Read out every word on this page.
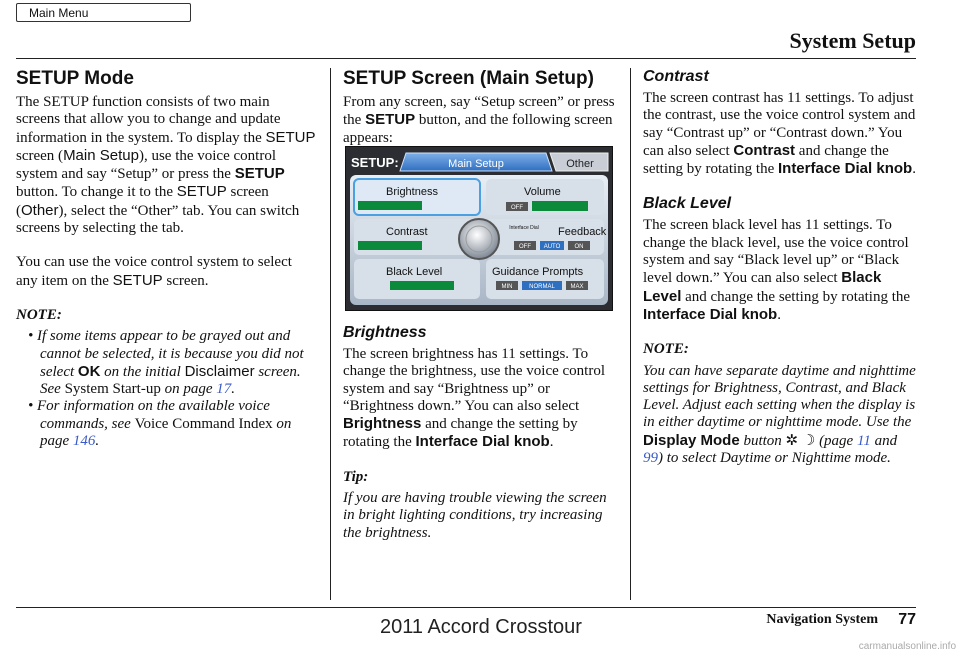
Main Menu
System Setup
SETUP Mode

The SETUP function consists of two main screens that allow you to change and update information in the system. To display the SETUP screen (Main Setup), use the voice control system and say “Setup” or press the SETUP button. To change it to the SETUP screen (Other), select the “Other” tab. You can switch screens by selecting the tab.

You can use the voice control system to select any item on the SETUP screen.

NOTE:
• If some items appear to be grayed out and cannot be selected, it is because you did not select OK on the initial Disclaimer screen. See System Start-up on page 17.
• For information on the available voice commands, see Voice Command Index on page 146.
SETUP Screen (Main Setup)

From any screen, say “Setup screen” or press the SETUP button, and the following screen appears:

SETUP:	Main Setup	Other
Brightness
Contrast
Black Level
Volume
OFF
Feedback
Interface Dial
OFF AUTO ON
Guidance Prompts
MIN	NORMAL	MAX
Brightness

The screen brightness has 11 settings. To change the brightness, use the voice control system and say “Brightness up” or “Brightness down.” You can also select Brightness and change the setting by rotating the Interface Dial knob.

Tip:

If you are having trouble viewing the screen in bright lighting conditions, try increasing the brightness.

Contrast

The screen contrast has 11 settings. To adjust the contrast, use the voice control system and say “Contrast up” or “Contrast down.” You can also select Contrast and change the setting by rotating the Interface Dial knob.

Black Level

The screen black level has 11 settings. To change the black level, use the voice control system and say “Black level up” or “Black level down.” You can also select Black Level and change the setting by rotating the Interface Dial knob.

NOTE:

You can have separate daytime and nighttime settings for Brightness, Contrast, and Black Level. Adjust each setting when the display is in either daytime or nighttime mode. Use the Display Mode button ✲ ☽ (page 11 and 99) to select Daytime or Nighttime mode.

Navigation System 77
2011 Accord Crosstour
carmanualsonline.info
